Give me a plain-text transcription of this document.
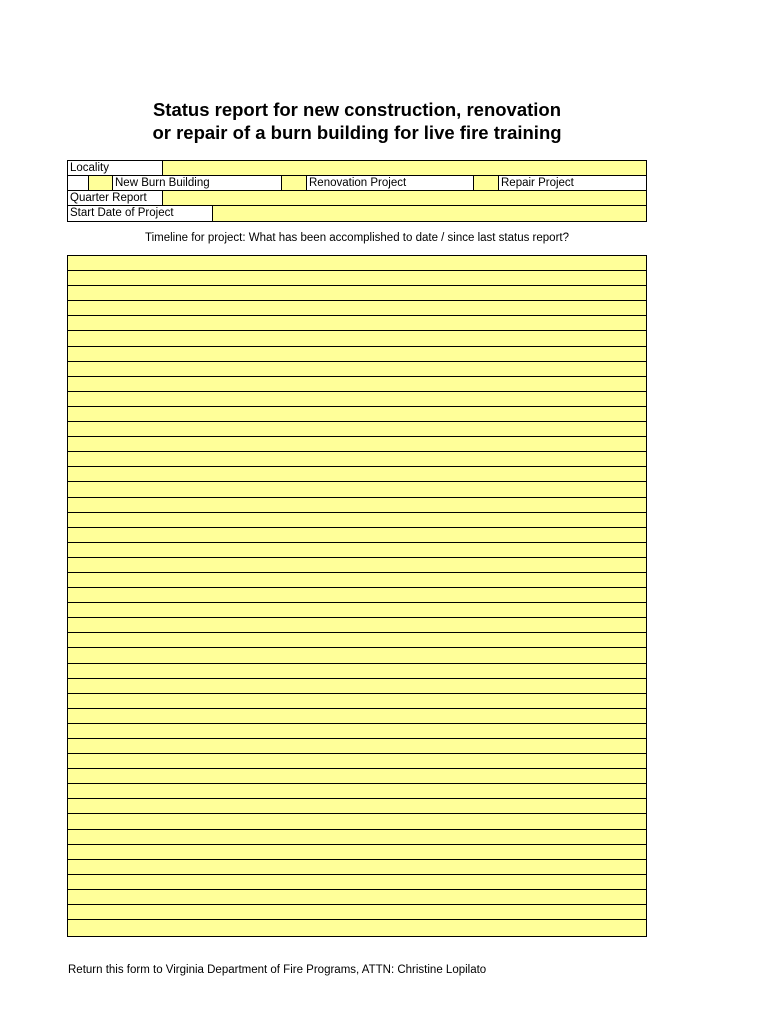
Status report for new construction, renovation
or repair of a burn building for live fire training
Locality
New Burn Building	Renovation Project	Repair Project
Quarter Report
Start Date of Project
Timeline for project: What has been accomplished to date / since last status report?
Return this form to Virginia Department of Fire Programs, ATTN: Christine Lopilato
